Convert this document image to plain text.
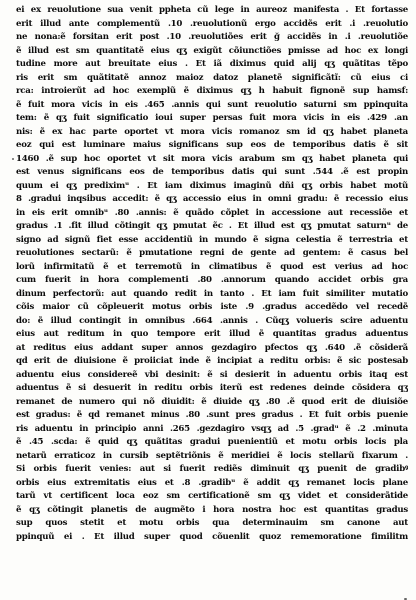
ei ex reuolutione sua venit ppheta cũ lege in aureoz manifesta . Et fortasse
erit illud ante complementũ .10 .reuolutionũ ergo accidẽs erit .i .reuolutio
ne nona:ẽ forsitan erit post .10 .reuolutiões erit ğ accidẽs in .i .reuolutiõe
ẽ illud est sm quantitatẽ eius qʒ exigũt cõiunctiões pmisse ad hoc ex longi
tudine more aut breuitate eius . Et iã diximus quid alij qʒ quãtitas tẽpo
ris erit sm quãtitatẽ annoz maioz datoz planetẽ significãtĩ: cũ eius ci
rca: introierũt ad hoc exemplũ ẽ diximus qʒ h habuit fignonẽ sup hamsf:
ẽ fuit mora vicis in eis .465 .annis qui sunt reuolutio saturni sm ppinquita
tem: ẽ qʒ fuit significatio ioui super persas fuit mora vicis in eis .429 .an
nis: ẽ ex hac parte oportet vt mora vicis romanoz sm id qʒ habet planeta
eoz qui est luminare maius significans sup eos de temporibus datis ẽ sit
1460 .ẽ sup hoc oportet vt sit mora vicis arabum sm qʒ habet planeta qui
est venus significans eos de temporibus datis qui sunt .544 .ẽ est propin
quum ei qʒ prediximᵘ . Et iam diximus imaginũ dñi qʒ orbis habet motũ
8 .gradui inqsibus accedit: ẽ qʒ accessio eius in omni gradu: ẽ recessio eius
in eis erit omnibᵘ .80 .annis: ẽ quãdo cõplet in accessione aut recessiõe et
gradus .1 .fit illud cõtingit qʒ pmutat ẽc . Et illud est qʒ pmutat saturnᵘ de
signo ad signũ fiet esse accidentiũ in mundo ẽ signa celestia ẽ terrestria et
reuolutiones sectarũ: ẽ pmutatione regni de gente ad gentem: ẽ casus bel
lorũ infirmitatũ ẽ et terremotũ in climatibus ẽ quod est verius ad hoc
cum fuerit in hora complementi .80 .annorum quando accidet orbis gra
dinum perfectorũ: aut quando redit in tanto . Et iam fuit similiter mutatio
cõis maior cũ cõpleuerit motus orbis iste .9 .gradus accedẽdo vel recedẽ
do: ẽ illud contingit in omnibus .664 .annis . Cũqʒ volueris scire aduentu
eius aut reditum in quo tempore erit illud ẽ quantitas gradus aduentus
at reditus eius addant super annos gezdagiro pfectos qʒ .640 .ẽ cõsiderã
qd erit de diuisione ẽ proiiciat inde ẽ incipiat a reditu orbis: ẽ sic postesab
aduentu eius considereẽ vbi desinit: ẽ si desierit in aduentu orbis itaq est
aduentus ẽ si desuerit in reditu orbis iterũ est redenes deinde cõsidera qʒ
remanet de numero qui nõ diuidit: ẽ diuide qʒ .80 .ẽ quod erit de diuisiõe
est gradus: ẽ qd remanet minus .80 .sunt pres gradus . Et fuit orbis puenie
ris aduentu in principio anni .265 .gezdagiro vsqʒ ad .5 .gradᵘ ẽ .2 .minuta
ẽ .45 .scda: ẽ quid qʒ quãtitas gradui puenientiũ et motu orbis locis pla
netarũ erraticoz in cursib septẽtriõnis ẽ meridiei ẽ locis stellarũ fixarum .
Si orbis fuerit venies: aut si fuerit rediẽs diminuit qʒ puenit de gradibꝰ
orbis eius extremitatis eius et .8 .gradibᵘ ẽ addit qʒ remanet locis plane
tarũ vt certificent loca eoz sm certificationẽ sm qʒ videt et considerãtide
ẽ qʒ cõtingit planetis de augmẽto i hora nostra hoc est quantitas gradus
sup quos stetit et motu orbis qua determinauim sm canone aut
ppinquũ ei . Et illud super quod cõuenlit quoz rememoratione fimilitm
